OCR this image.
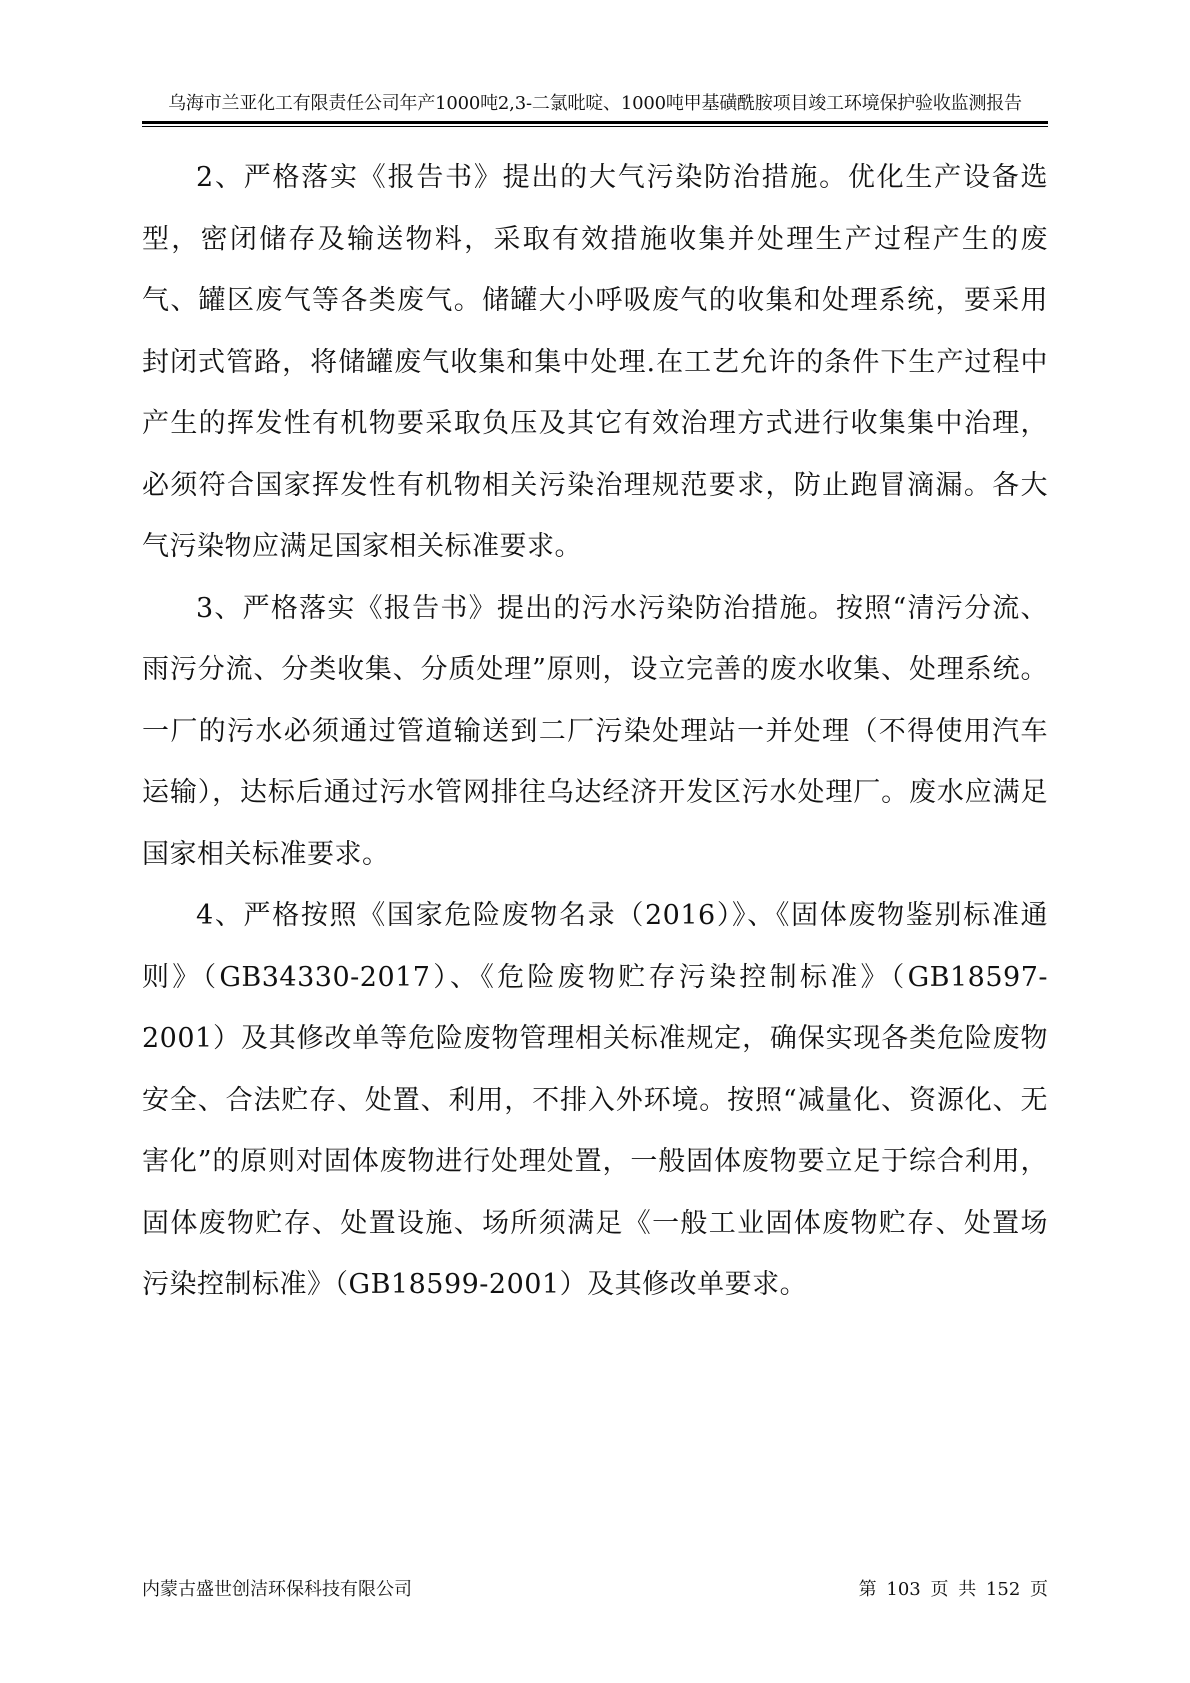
乌海市兰亚化工有限责任公司年产1000吨2,3-二氯吡啶、1000吨甲基磺酰胺项目竣工环境保护验收监测报告

2、严格落实《报告书》提出的大气污染防治措施。优化生产设备选型，密闭储存及输送物料，采取有效措施收集并处理生产过程产生的废气、罐区废气等各类废气。储罐大小呼吸废气的收集和处理系统，要采用封闭式管路，将储罐废气收集和集中处理.在工艺允许的条件下生产过程中产生的挥发性有机物要采取负压及其它有效治理方式进行收集集中治理，必须符合国家挥发性有机物相关污染治理规范要求，防止跑冒滴漏。各大气污染物应满足国家相关标准要求。

3、严格落实《报告书》提出的污水污染防治措施。按照“清污分流、雨污分流、分类收集、分质处理”原则，设立完善的废水收集、处理系统。一厂的污水必须通过管道输送到二厂污染处理站一并处理（不得使用汽车运输），达标后通过污水管网排往乌达经济开发区污水处理厂。废水应满足国家相关标准要求。

4、严格按照《国家危险废物名录（2016）》、《固体废物鉴别标准通则》（GB34330-2017）、《危险废物贮存污染控制标准》（GB18597-2001）及其修改单等危险废物管理相关标准规定，确保实现各类危险废物安全、合法贮存、处置、利用，不排入外环境。按照“减量化、资源化、无害化”的原则对固体废物进行处理处置，一般固体废物要立足于综合利用，固体废物贮存、处置设施、场所须满足《一般工业固体废物贮存、处置场污染控制标准》（GB18599-2001）及其修改单要求。

内蒙古盛世创洁环保科技有限公司	第 103 页 共 152 页
